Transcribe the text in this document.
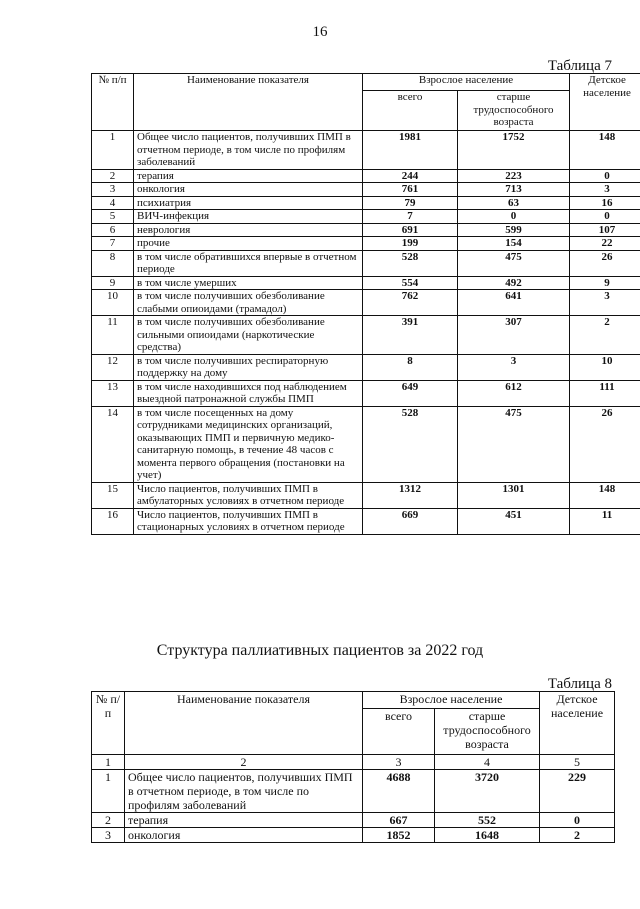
16
Таблица 7
№ п/п	Наименование показателя	Взрослое население		Детское население
		всего	старше трудоспособного возраста	
1	Общее число пациентов, получивших ПМП в отчетном периоде, в том числе по профилям заболеваний	1981	1752	148
2	терапия	244	223	0
3	онкология	761	713	3
4	психиатрия	79	63	16
5	ВИЧ-инфекция	7	0	0
6	неврология	691	599	107
7	прочие	199	154	22
8	в том числе обратившихся впервые в отчетном периоде	528	475	26
9	в том числе умерших	554	492	9
10	в том числе получивших обезболивание слабыми опиоидами (трамадол)	762	641	3
11	в том числе получивших обезболивание сильными опиоидами (наркотические средства)	391	307	2
12	в том числе получивших респираторную поддержку на дому	8	3	10
13	в том числе находившихся под наблюдением выездной патронажной службы ПМП	649	612	111
14	в том числе посещенных на дому сотрудниками медицинских организаций, оказывающих ПМП и первичную медико-санитарную помощь, в течение 48 часов с момента первого обращения (постановки на учет)	528	475	26
15	Число пациентов, получивших ПМП в амбулаторных условиях в отчетном периоде	1312	1301	148
16	Число пациентов, получивших ПМП в стационарных условиях в отчетном периоде	669	451	11
Структура паллиативных пациентов за 2022 год
Таблица 8
№ п/п	Наименование показателя	Взрослое население		Детское население
		всего	старше трудоспособного возраста	
1	2	3	4	5
1	Общее число пациентов, получивших ПМП в отчетном периоде, в том числе по профилям заболеваний	4688	3720	229
2	терапия	667	552	0
3	онкология	1852	1648	2
